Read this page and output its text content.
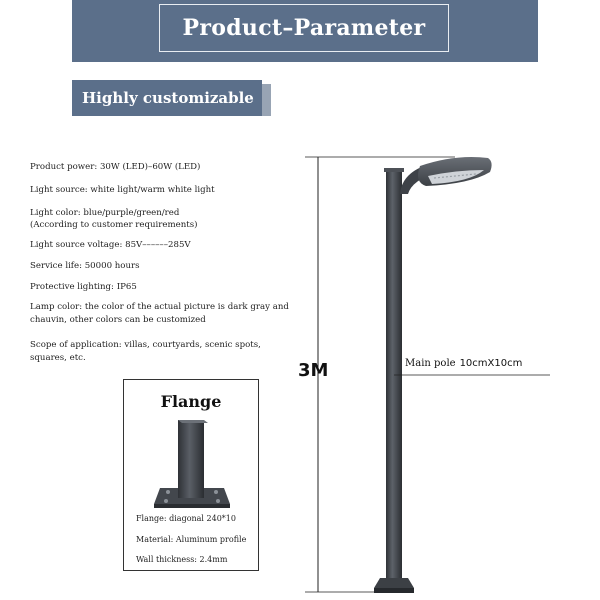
Product–Parameter
Highly customizable
Product power: 30W (LED)–60W (LED)
Light source: white light/warm white light
Light color: blue/purple/green/red
(According to customer requirements)
Light source voltage: 85V––––––285V
Service life: 50000 hours
Protective lighting: IP65
Lamp color: the color of the actual picture is dark gray and
chauvin, other colors can be customized
Scope of application: villas, courtyards, scenic spots,
squares, etc.
Flange
Flange: diagonal 240*10
Material: Aluminum profile
Wall thickness: 2.4mm
3M	Main pole 10cmX10cm
